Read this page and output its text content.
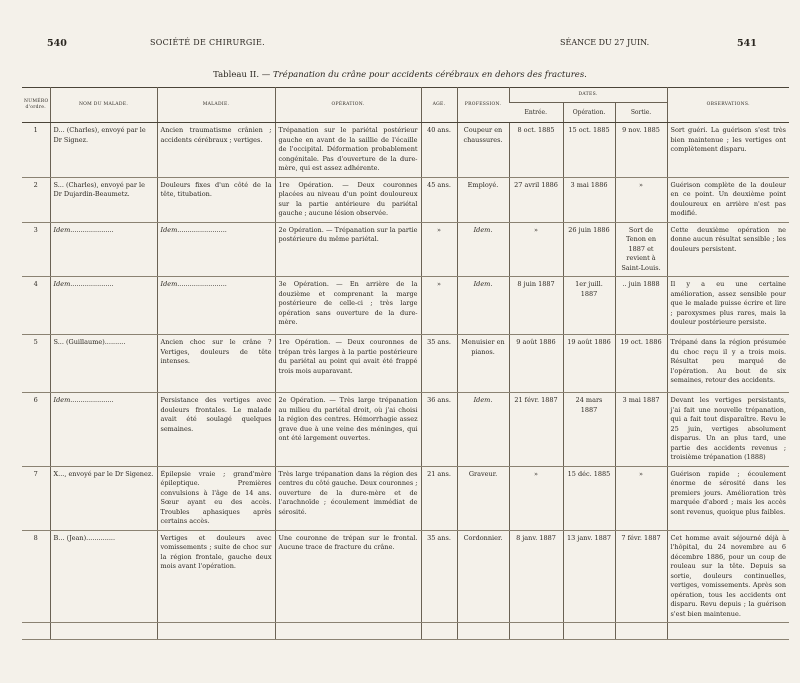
540	SOCIÉTÉ DE CHIRURGIE.	SÉANCE DU 27 JUIN.	541
Tableau II. — Trépanation du crâne pour accidents cérébraux en dehors des fractures.
NUMÉRO d'ordre.	NOM DU MALADE.	MALADIE.	OPÉRATION.	AGE.	PROFESSION.	DATES.			OBSERVATIONS.
						Entrée.	Opération.	Sortie.	
1	D... (Charles), envoyé par le Dr Signez.	Ancien traumatisme crânien ; accidents cérébraux ; vertiges.	Trépanation sur le pariétal postérieur gauche en avant de la saillie de l'écaille de l'occipital. Déformation probablement congénitale. Pas d'ouverture de la dure-mère, qui est assez adhérente.	40 ans.	Coupeur en chaussures.	8 oct. 1885	15 oct. 1885	9 nov. 1885	Sort guéri. La guérison s'est très bien maintenue ; les vertiges ont complètement disparu.
2	S... (Charles), envoyé par le Dr Dujardin-Beaumetz.	Douleurs fixes d'un côté de la tête, titubation.	1re Opération. — Deux couronnes placées au niveau d'un point douloureux sur la partie antérieure du pariétal gauche ; aucune lésion observée.	45 ans.	Employé.	27 avril 1886	3 mai 1886	»	Guérison complète de la douleur en ce point. Un deuxième point douloureux en arrière n'est pas modifié.
3	Idem.....................	Idem........................	2e Opération. — Trépanation sur la partie postérieure du même pariétal.	»	Idem.	»	26 juin 1886	Sort de Tenon en 1887 et revient à Saint-Louis.	Cette deuxième opération ne donne aucun résultat sensible ; les douleurs persistent.
4	Idem.....................	Idem........................	3e Opération. — En arrière de la douzième et comprenant la marge postérieure de celle-ci ; très large opération sans ouverture de la dure-mère.	»	Idem.	8 juin 1887	1er juill. 1887	.. juin 1888	Il y a eu une certaine amélioration, assez sensible pour que le malade puisse écrire et lire ; paroxysmes plus rares, mais la douleur postérieure persiste.
5	S... (Guillaume)..........	Ancien choc sur le crâne ? Vertiges, douleurs de tête intenses.	1re Opération. — Deux couronnes de trépan très larges à la partie postérieure du pariétal au point qui avait été frappé trois mois auparavant.	35 ans.	Menuisier en pianos.	9 août 1886	19 août 1886	19 oct. 1886	Trépané dans la région présumée du choc reçu il y a trois mois. Résultat peu marqué de l'opération. Au bout de six semaines, retour des accidents.
6	Idem.....................	Persistance des vertiges avec douleurs frontales. Le malade avait été soulagé quelques semaines.	2e Opération. — Très large trépanation au milieu du pariétal droit, où j'ai choisi la région des centres. Hémorrhagie assez grave due à une veine des méninges, qui ont été largement ouvertes.	36 ans.	Idem.	21 févr. 1887	24 mars 1887	3 mai 1887	Devant les vertiges persistants, j'ai fait une nouvelle trépanation, qui a fait tout disparaître. Revu le 25 juin, vertiges absolument disparus. Un an plus tard, une partie des accidents revenus ; troisième trépanation (1888)
7	X..., envoyé par le Dr Sigenez.	Épilepsie vraie ; grand'mère épileptique. Premières convulsions à l'âge de 14 ans. Sœur ayant eu des accès. Troubles aphasiques après certains accès.	Très large trépanation dans la région des centres du côté gauche. Deux couronnes ; ouverture de la dure-mère et de l'arachnoïde ; écoulement immédiat de sérosité.	21 ans.	Graveur.	»	15 déc. 1885	»	Guérison rapide ; écoulement énorme de sérosité dans les premiers jours. Amélioration très marquée d'abord ; mais les accès sont revenus, quoique plus faibles.
8	B... (Jean)..............	Vertiges et douleurs avec vomissements ; suite de choc sur la région frontale, gauche deux mois avant l'opération.	Une couronne de trépan sur le frontal. Aucune trace de fracture du crâne.	35 ans.	Cordonnier.	8 janv. 1887	13 janv. 1887	7 févr. 1887	Cet homme avait séjourné déjà à l'hôpital, du 24 novembre au 6 décembre 1886, pour un coup de rouleau sur la tête. Depuis sa sortie, douleurs continuelles, vertiges, vomissements. Après son opération, tous les accidents ont disparu. Revu depuis ; la guérison s'est bien maintenue.
